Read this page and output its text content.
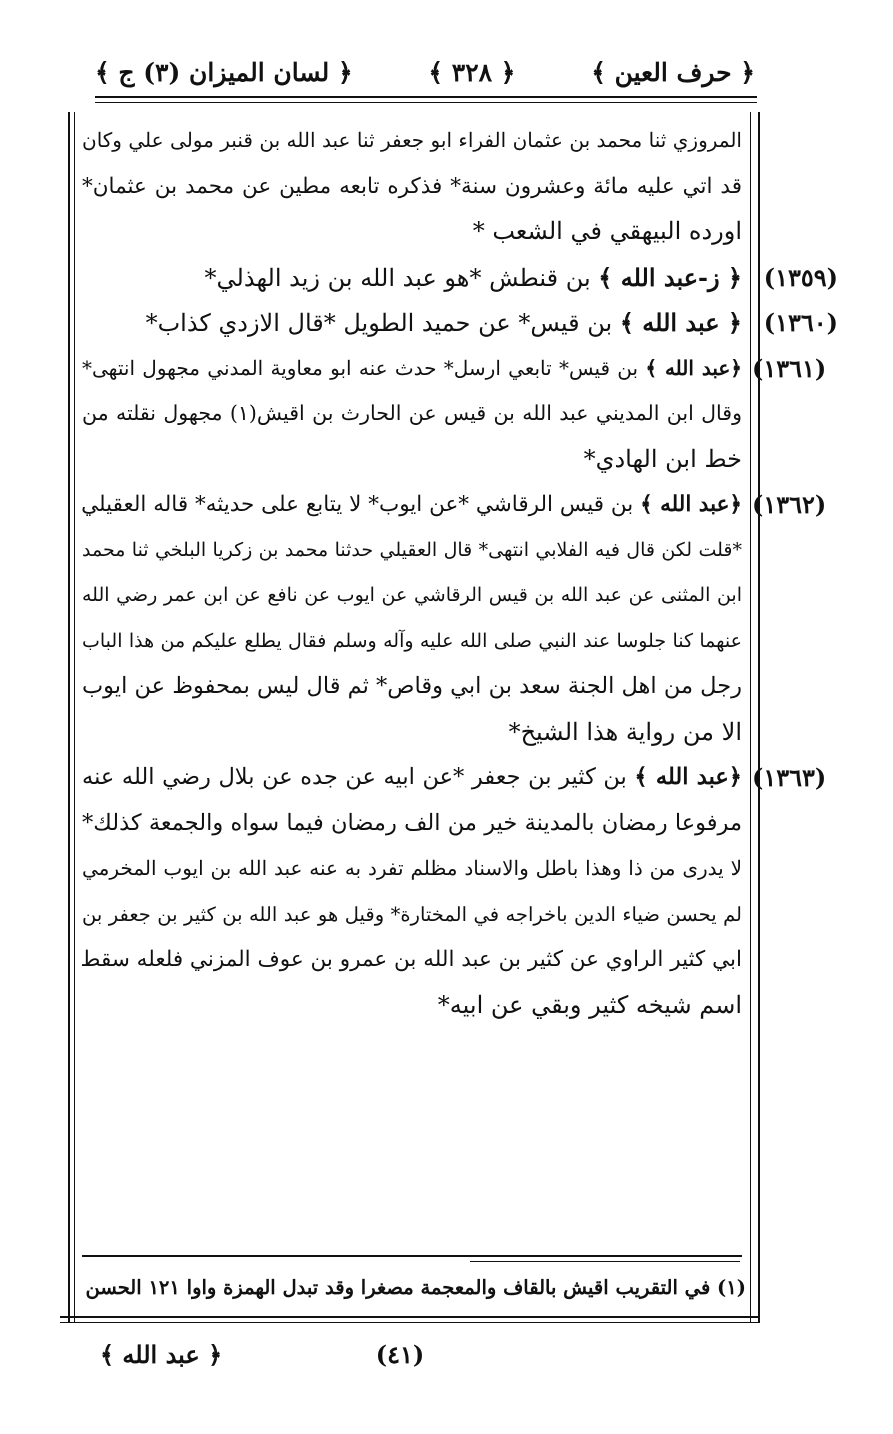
﴿ لسان الميزان (٣) ج ﴾	﴿ ٣٢٨ ﴾	﴿ حرف العين ﴾
المروزي ثنا محمد بن عثمان الفراء ابو جعفر ثنا عبد الله بن قنبر مولى علي وكان
قد اتي عليه مائة وعشرون سنة* فذكره تابعه مطين عن محمد بن عثمان*
اورده البيهقي في الشعب *
(١٣٥٩)
﴿ ز-عبد الله ﴾ بن قنطش *هو عبد الله بن زيد الهذلي*
(١٣٦٠)
﴿ عبد الله ﴾ بن قيس* عن حميد الطويل *قال الازدي كذاب*
(١٣٦١)
﴿عبد الله ﴾ بن قيس* تابعي ارسل* حدث عنه ابو معاوية المدني مجهول انتهى*
وقال ابن المديني عبد الله بن قيس عن الحارث بن اقيش(١) مجهول نقلته من
خط ابن الهادي*
(١٣٦٢)
﴿عبد الله ﴾ بن قيس الرقاشي *عن ايوب* لا يتابع على حديثه* قاله العقيلي
*قلت لكن قال فيه الفلابي انتهى* قال العقيلي حدثنا محمد بن زكريا البلخي ثنا محمد
ابن المثنى عن عبد الله بن قيس الرقاشي عن ايوب عن نافع عن ابن عمر رضي الله
عنهما كنا جلوسا عند النبي صلى الله عليه وآله وسلم فقال يطلع عليكم من هذا الباب
رجل من اهل الجنة سعد بن ابي وقاص* ثم قال ليس بمحفوظ عن ايوب
الا من رواية هذا الشيخ*
(١٣٦٣)
﴿عبد الله ﴾ بن كثير بن جعفر *عن ابيه عن جده عن بلال رضي الله عنه
مرفوعا رمضان بالمدينة خير من الف رمضان فيما سواه والجمعة كذلك*
لا يدرى من ذا وهذا باطل والاسناد مظلم تفرد به عنه عبد الله بن ايوب المخرمي
لم يحسن ضياء الدين باخراجه في المختارة* وقيل هو عبد الله بن كثير بن جعفر بن
ابي كثير الراوي عن كثير بن عبد الله بن عمرو بن عوف المزني فلعله سقط
اسم شيخه كثير وبقي عن ابيه*
(١) في التقريب اقيش بالقاف والمعجمة مصغرا وقد تبدل الهمزة واوا ١٢١ الحسن
﴿ عبد الله ﴾	(٤١)
